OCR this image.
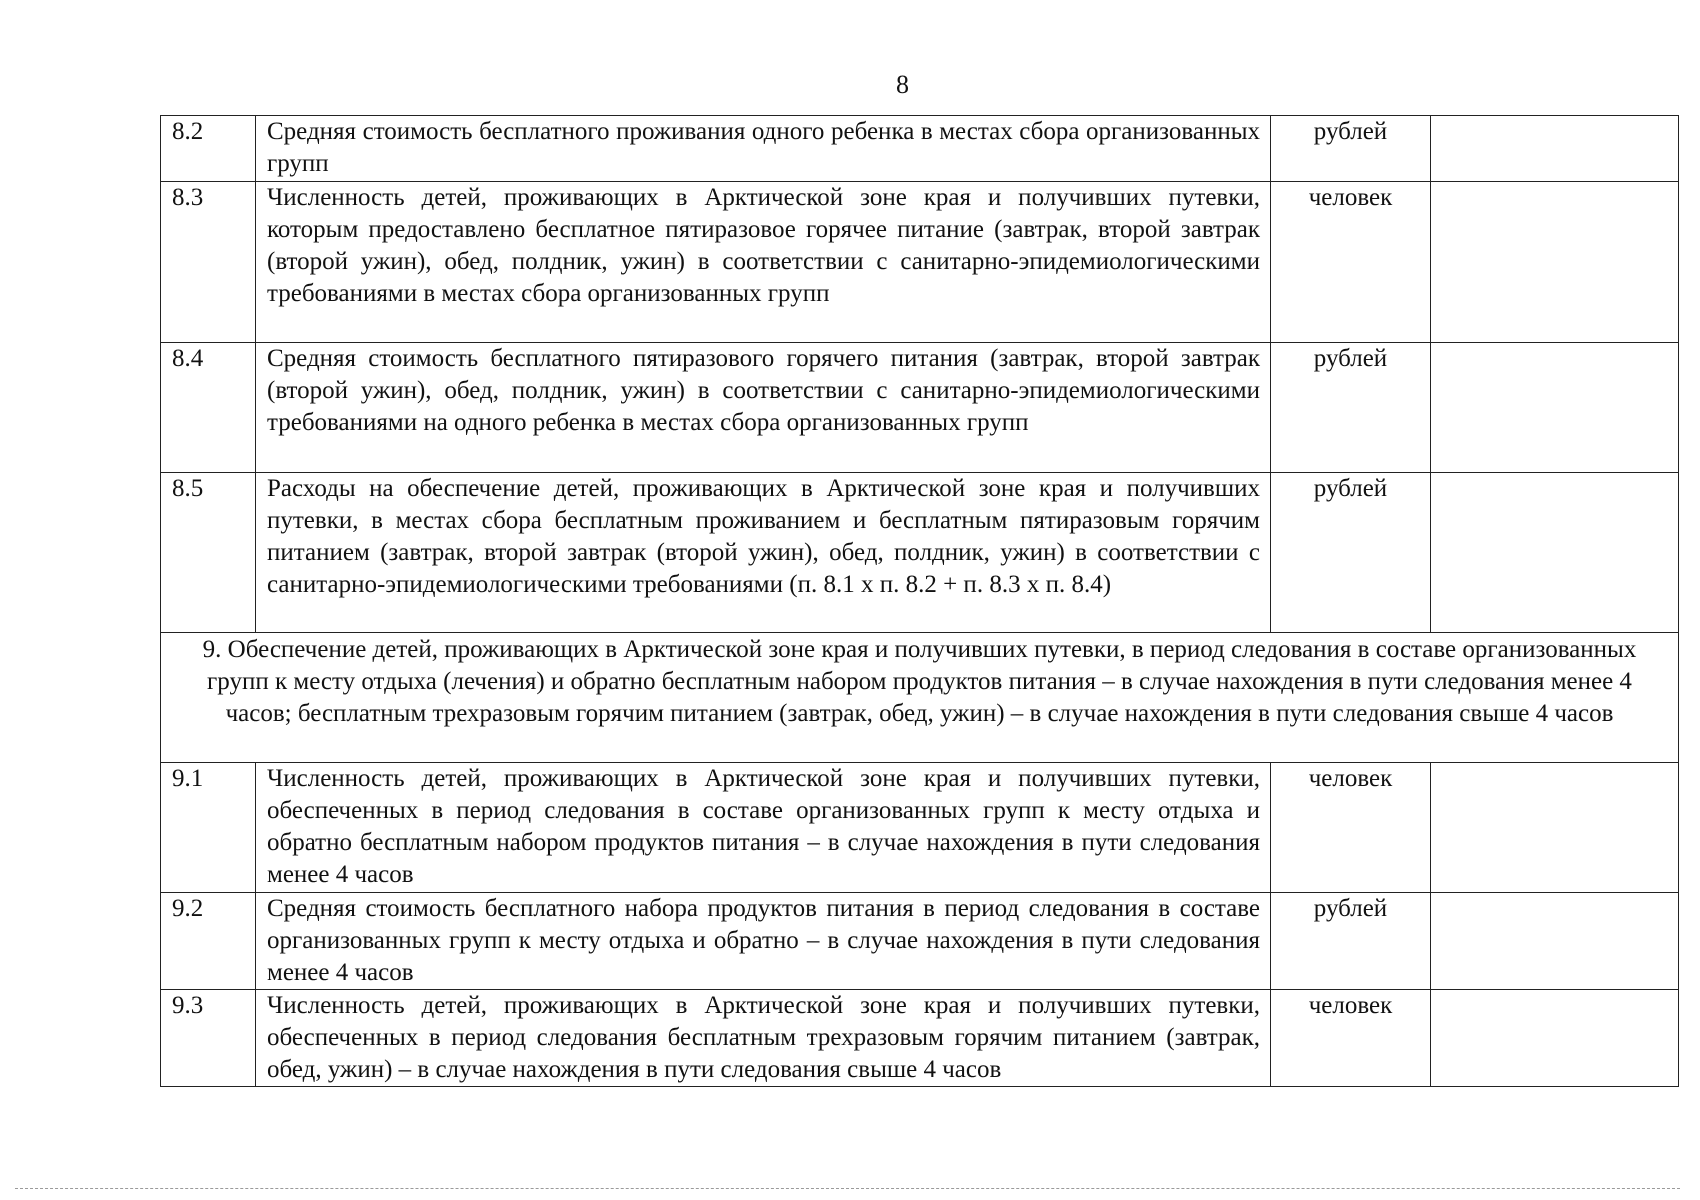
8
8.2	Средняя стоимость бесплатного проживания одного ребенка в местах сбора организованных групп	рублей	
8.3	Численность детей, проживающих в Арктической зоне края и получивших путевки, которым предоставлено бесплатное пятиразовое горячее питание (завтрак, второй завтрак (второй ужин), обед, полдник, ужин) в соответствии с санитарно-эпидемиологическими требованиями в местах сбора организованных групп	человек	
8.4	Средняя стоимость бесплатного пятиразового горячего питания (завтрак, второй завтрак (второй ужин), обед, полдник, ужин) в соответствии с санитарно-эпидемиологическими требованиями на одного ребенка в местах сбора организованных групп	рублей	
8.5	Расходы на обеспечение детей, проживающих в Арктической зоне края и получивших путевки, в местах сбора бесплатным проживанием и бесплатным пятиразовым горячим питанием (завтрак, второй завтрак (второй ужин), обед, полдник, ужин) в соответствии с санитарно-эпидемиологическими требованиями (п. 8.1 х п. 8.2 + п. 8.3 х п. 8.4)	рублей	
9. Обеспечение детей, проживающих в Арктической зоне края и получивших путевки, в период следования в составе организованных групп к месту отдыха (лечения) и обратно бесплатным набором продуктов питания – в случае нахождения в пути следования менее 4 часов; бесплатным трехразовым горячим питанием (завтрак, обед, ужин) – в случае нахождения в пути следования свыше 4 часов			
9.1	Численность детей, проживающих в Арктической зоне края и получивших путевки, обеспеченных в период следования в составе организованных групп к месту отдыха и обратно бесплатным набором продуктов питания – в случае нахождения в пути следования менее 4 часов	человек	
9.2	Средняя стоимость бесплатного набора продуктов питания в период следования в составе организованных групп к месту отдыха и обратно – в случае нахождения в пути следования менее 4 часов	рублей	
9.3	Численность детей, проживающих в Арктической зоне края и получивших путевки, обеспеченных в период следования бесплатным трехразовым горячим питанием (завтрак, обед, ужин) – в случае нахождения в пути следования свыше 4 часов	человек	
